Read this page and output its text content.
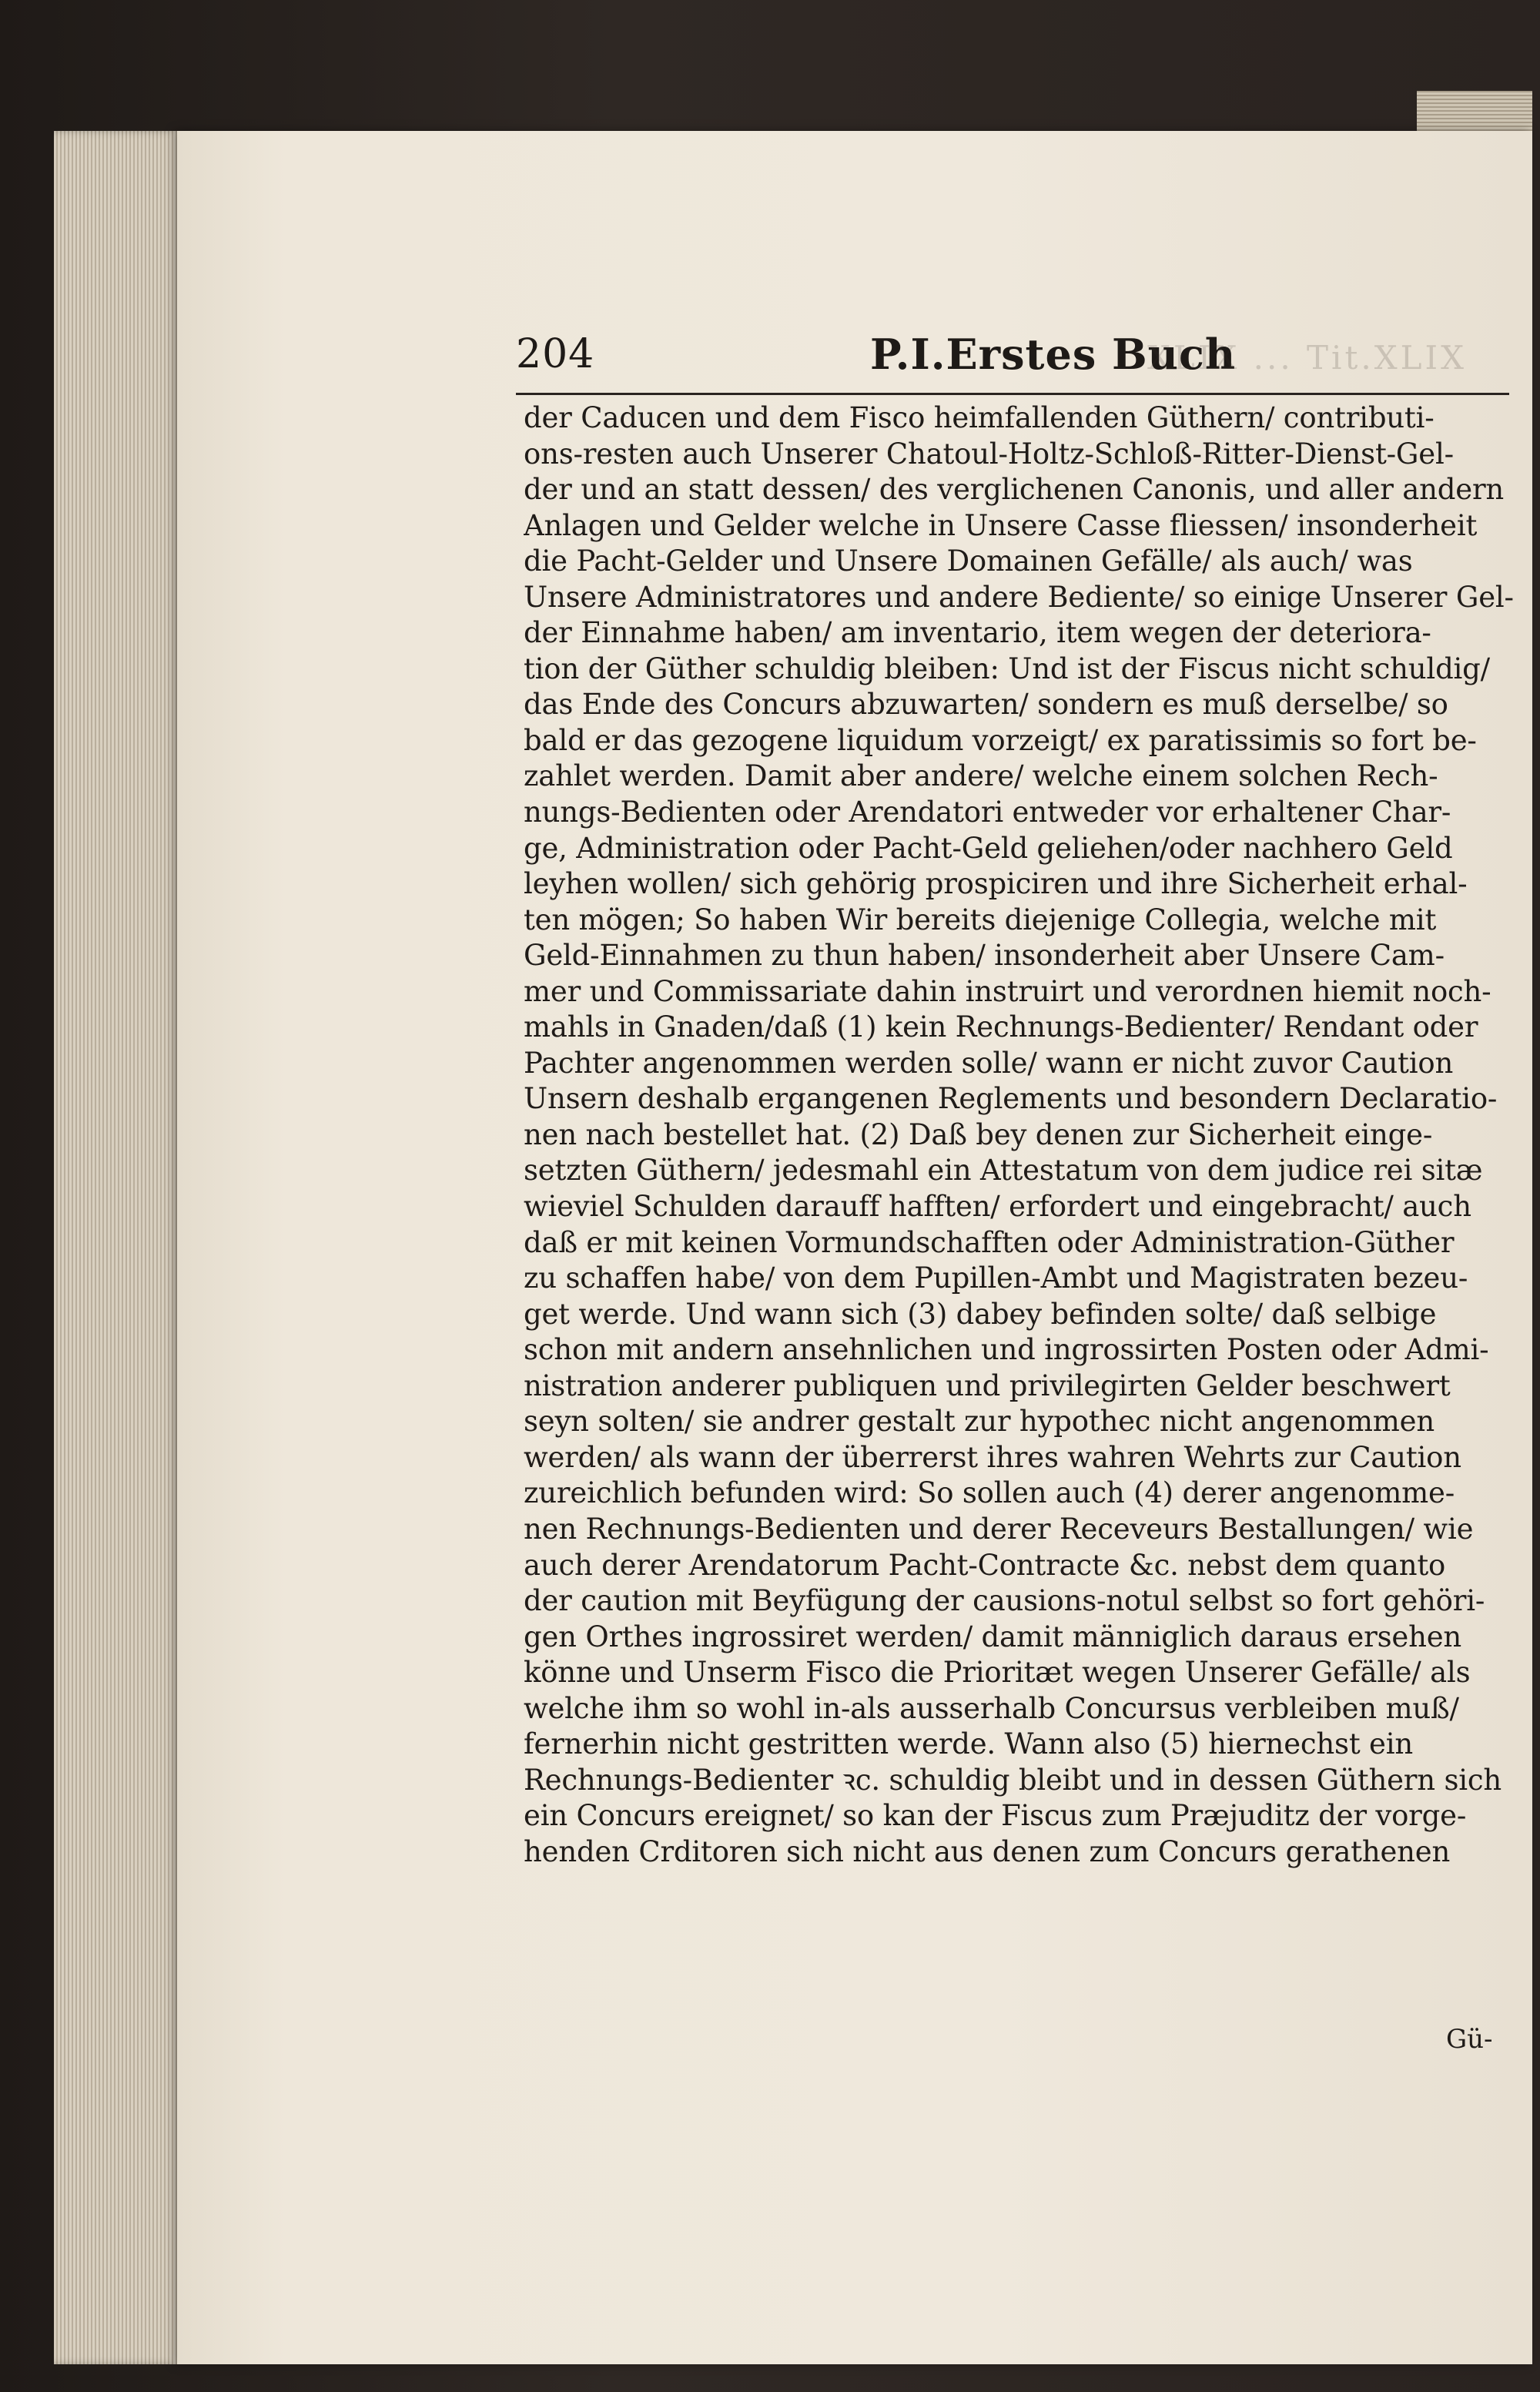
204	P.I.Erstes Buch
XLIX ... Tit.XLIX
der Caducen und dem Fisco heimfallenden Güthern/ contributi-
ons-resten auch Unserer Chatoul-Holtz-Schloß-Ritter-Dienst-Gel-
der und an statt dessen/ des verglichenen Canonis, und aller andern
Anlagen und Gelder welche in Unsere Casse fliessen/ insonderheit
die Pacht-Gelder und Unsere Domainen Gefälle/ als auch/ was
Unsere Administratores und andere Bediente/ so einige Unserer Gel-
der Einnahme haben/ am inventario, item wegen der deteriora-
tion der Güther schuldig bleiben: Und ist der Fiscus nicht schuldig/
das Ende des Concurs abzuwarten/ sondern es muß derselbe/ so
bald er das gezogene liquidum vorzeigt/ ex paratissimis so fort be-
zahlet werden. Damit aber andere/ welche einem solchen Rech-
nungs-Bedienten oder Arendatori entweder vor erhaltener Char-
ge, Administration oder Pacht-Geld geliehen/oder nachhero Geld
leyhen wollen/ sich gehörig prospiciren und ihre Sicherheit erhal-
ten mögen; So haben Wir bereits diejenige Collegia, welche mit
Geld-Einnahmen zu thun haben/ insonderheit aber Unsere Cam-
mer und Commissariate dahin instruirt und verordnen hiemit noch-
mahls in Gnaden/daß (1) kein Rechnungs-Bedienter/ Rendant oder
Pachter angenommen werden solle/ wann er nicht zuvor Caution
Unsern deshalb ergangenen Reglements und besondern Declaratio-
nen nach bestellet hat. (2) Daß bey denen zur Sicherheit einge-
setzten Güthern/ jedesmahl ein Attestatum von dem judice rei sitæ
wieviel Schulden darauff hafften/ erfordert und eingebracht/ auch
daß er mit keinen Vormundschafften oder Administration-Güther
zu schaffen habe/ von dem Pupillen-Ambt und Magistraten bezeu-
get werde. Und wann sich (3) dabey befinden solte/ daß selbige
schon mit andern ansehnlichen und ingrossirten Posten oder Admi-
nistration anderer publiquen und privilegirten Gelder beschwert
seyn solten/ sie andrer gestalt zur hypothec nicht angenommen
werden/ als wann der überrerst ihres wahren Wehrts zur Caution
zureichlich befunden wird: So sollen auch (4) derer angenomme-
nen Rechnungs-Bedienten und derer Receveurs Bestallungen/ wie
auch derer Arendatorum Pacht-Contracte &c. nebst dem quanto
der caution mit Beyfügung der causions-notul selbst so fort gehöri-
gen Orthes ingrossiret werden/ damit männiglich daraus ersehen
könne und Unserm Fisco die Prioritæt wegen Unserer Gefälle/ als
welche ihm so wohl in-als ausserhalb Concursus verbleiben muß/
fernerhin nicht gestritten werde. Wann also (5) hiernechst ein
Rechnungs-Bedienter ꝛc. schuldig bleibt und in dessen Güthern sich
ein Concurs ereignet/ so kan der Fiscus zum Præjuditz der vorge-
henden Crditoren sich nicht aus denen zum Concurs gerathenen
Gü-
